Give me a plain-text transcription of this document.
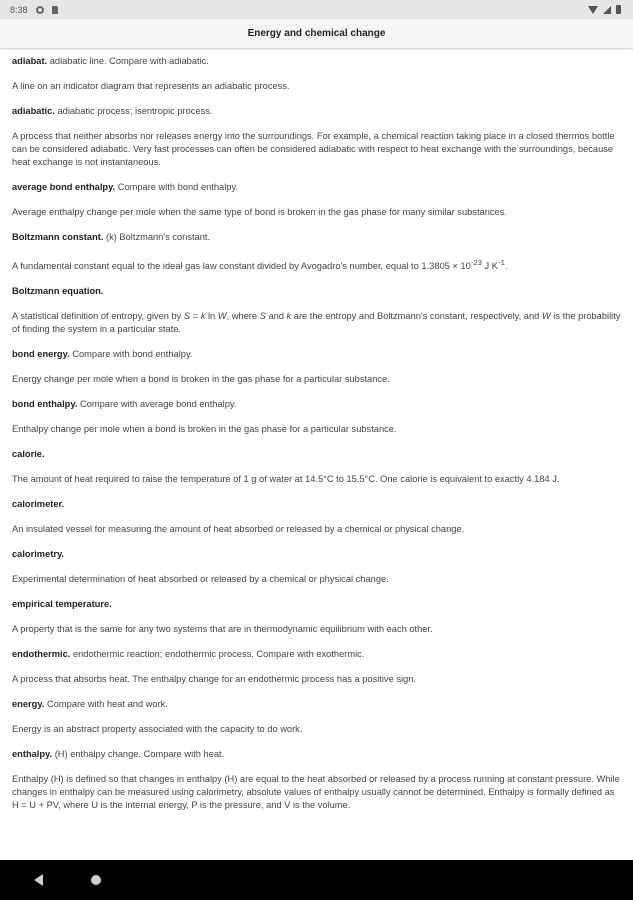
8:38
Energy and chemical change

adiabat. adiabatic line. Compare with adiabatic.

A line on an indicator diagram that represents an adiabatic process.

adiabatic. adiabatic process; isentropic process.

A process that neither absorbs nor releases energy into the surroundings. For example, a chemical reaction taking place in a closed thermos bottle can be considered adiabatic. Very fast processes can often be considered adiabatic with respect to heat exchange with the surroundings, because heat exchange is not instantaneous.

average bond enthalpy. Compare with bond enthalpy.

Average enthalpy change per mole when the same type of bond is broken in the gas phase for many similar substances.

Boltzmann constant. (k) Boltzmann's constant.

A fundamental constant equal to the ideal gas law constant divided by Avogadro's number, equal to $1.3805 \times 10^{-23}$ J $K^{-1}$.

Boltzmann equation.

A statistical definition of entropy, given by S = k ln W, where S and k are the entropy and Boltzmann's constant, respectively, and W is the probability of finding the system in a particular state.

bond energy. Compare with bond enthalpy.

Energy change per mole when a bond is broken in the gas phase for a particular substance.

bond enthalpy. Compare with average bond enthalpy.

Enthalpy change per mole when a bond is broken in the gas phase for a particular substance.

calorie.

The amount of heat required to raise the temperature of 1 g of water at 14.5°C to 15.5°C. One calorie is equivalent to exactly 4.184 J.

calorimeter.

An insulated vessel for measuring the amount of heat absorbed or released by a chemical or physical change.

calorimetry.

Experimental determination of heat absorbed or released by a chemical or physical change.

empirical temperature.

A property that is the same for any two systems that are in thermodynamic equilibrium with each other.

endothermic. endothermic reaction; endothermic process. Compare with exothermic.

A process that absorbs heat. The enthalpy change for an endothermic process has a positive sign.

energy. Compare with heat and work.

Energy is an abstract property associated with the capacity to do work.

enthalpy. (H) enthalpy change. Compare with heat.

Enthalpy (H) is defined so that changes in enthalpy (H) are equal to the heat absorbed or released by a process running at constant pressure. While changes in enthalpy can be measured using calorimetry, absolute values of enthalpy usually cannot be determined. Enthalpy is formally defined as H = U + PV, where U is the internal energy, P is the pressure, and V is the volume.
